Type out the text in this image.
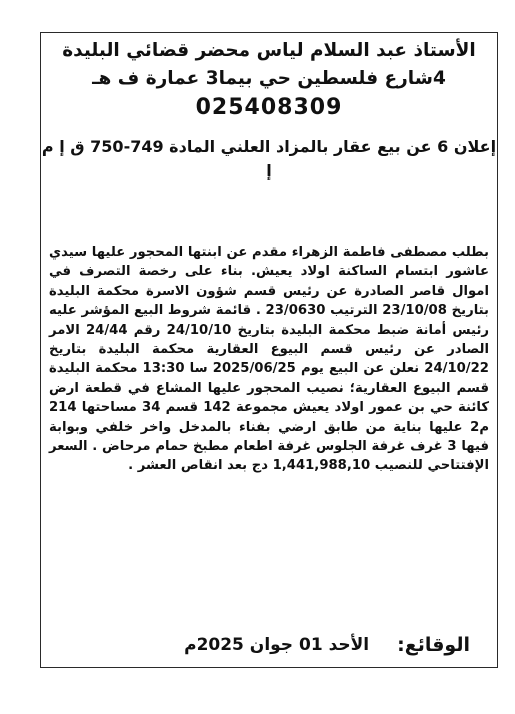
الأستاذ عبد السلام لياس محضر قضائي البليدة

4شارع فلسطين حي بيما3 عمارة ف هـ

025408309

إعلان 6 عن بيع عقار بالمزاد العلني المادة 749-750 ق إ م إ

بطلب مصطفى فاطمة الزهراء مقدم عن ابنتها المحجور عليها سيدي عاشور ابتسام الساكنة اولاد يعيش. بناء على رخصة التصرف في اموال قاصر الصادرة عن رئيس قسم شؤون الاسرة محكمة البليدة بتاريخ 23/10/08 الترتيب 23/0630 . قائمة شروط البيع المؤشر عليه رئيس أمانة ضبط محكمة البليدة بتاريخ 24/10/10 رقم 24/44 الامر الصادر عن رئيس قسم البيوع العقارية محكمة البليدة بتاريخ 24/10/22 نعلن عن البيع يوم 2025/06/25 سا 13:30 محكمة البليدة قسم البيوع العقارية؛ نصيب المحجور عليها المشاع في قطعة ارض كائنة حي بن عمور اولاد يعيش مجموعة 142 قسم 34 مساحتها 214 م2 عليها بناية من طابق ارضي بفناء بالمدخل واخر خلفي وبوابة فيها 3 غرف غرفة الجلوس غرفة اطعام مطبخ حمام مرحاض . السعر الإفتتاحي للنصيب 1,441,988,10 دج بعد انقاص العشر .
الوقائع:
الأحد 01 جوان 2025م
